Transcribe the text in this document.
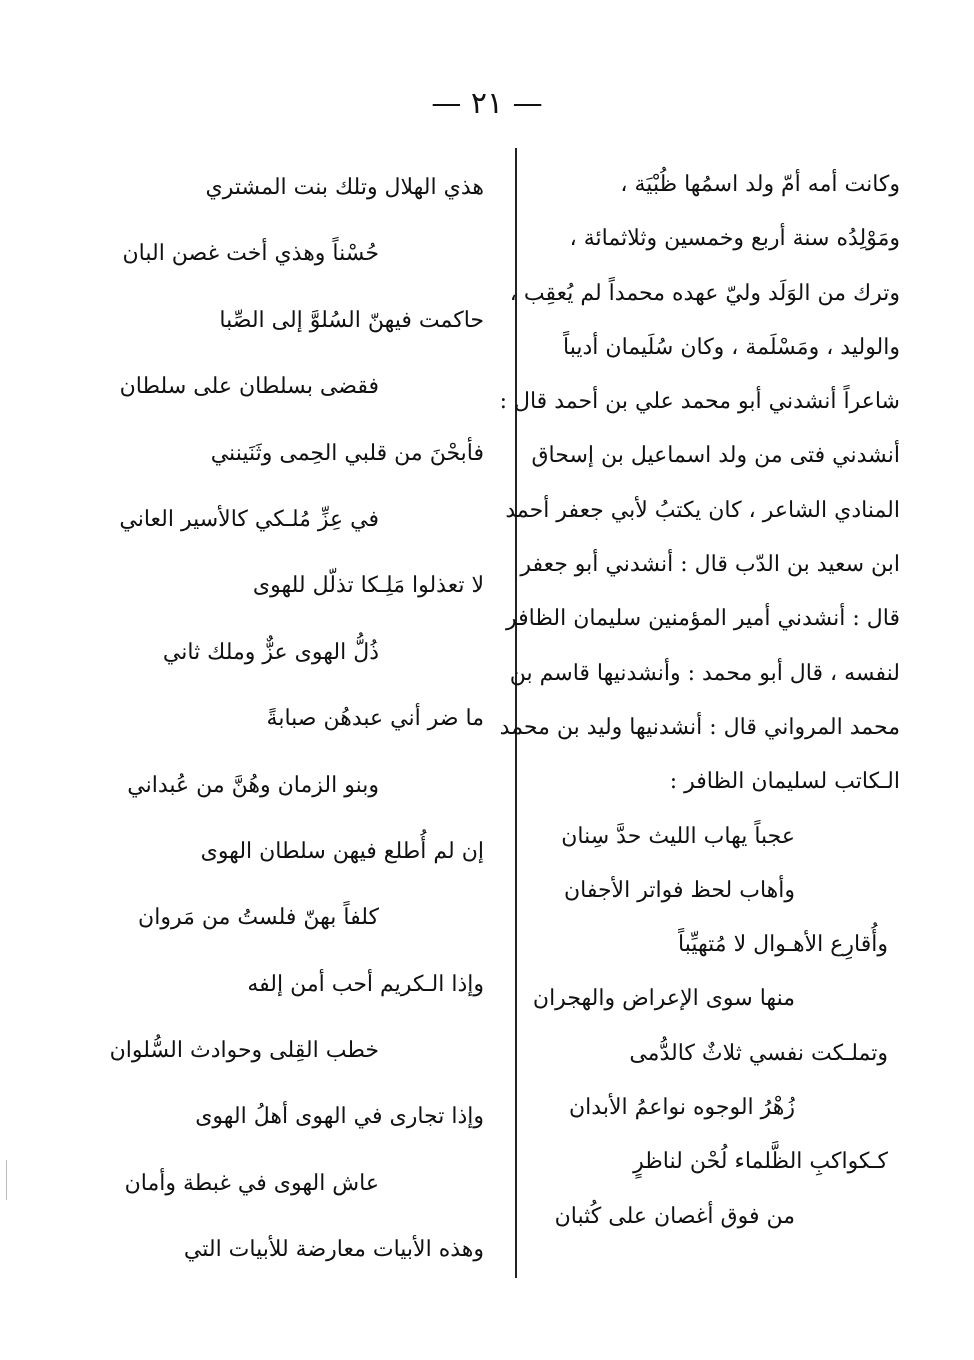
— ٢١ —
وكانت أمه أمّ ولد اسمُها ظُبْيَة ،
ومَوْلِدُه سنة أربع وخمسين وثلاثمائة ،
وترك من الوَلَد وليّ عهده محمداً لم يُعقِب ،
والوليد ، ومَسْلَمة ، وكان سُلَيمان أديباً
شاعراً أنشدني أبو محمد علي بن أحمد قال :
أنشدني فتى من ولد اسماعيل بن إسحاق
المنادي الشاعر ، كان يكتبُ لأبي جعفر أحمد
ابن سعيد بن الدّب قال : أنشدني أبو جعفر
قال : أنشدني أمير المؤمنين سليمان الظافر
لنفسه ، قال أبو محمد : وأنشدنيها قاسم بن
محمد المرواني قال : أنشدنيها وليد بن محمد
الـكاتب لسليمان الظافر :
عجباً يهاب الليث حدَّ سِنان
وأهاب لحظ فواتر الأجفان
وأُقارِع الأهـوال لا مُتهيِّباً
منها سوى الإعراض والهجران
وتملـكت نفسي ثلاثٌ كالدُّمى
زُهْرُ الوجوه نواعمُ الأبدان
كـكواكبِ الظَّلماء لُحْن لناظرٍ
من فوق أغصان على كُثبان
هذي الهلال وتلك بنت المشتري
حُسْناً وهذي أخت غصن البان
حاكمت فيهنّ السُلوَّ إلى الصِّبا
فقضى بسلطان على سلطان
فأبحْنَ من قلبي الحِمى وثَنَينني
في عِزِّ مُلـكي كالأسير العاني
لا تعذلوا مَلِـكا تذلّل للهوى
ذُلُّ الهوى عزٌّ وملك ثاني
ما ضر أني عبدهُن صبابةً
وبنو الزمان وهُنَّ من عُبداني
إن لم أُطلع فيهن سلطان الهوى
كلفاً بهنّ فلستُ من مَروان
وإذا الـكريم أحب أمن إلفه
خطب القِلى وحوادث السُّلوان
وإذا تجارى في الهوى أهلُ الهوى
عاش الهوى في غبطة وأمان
وهذه الأبيات معارضة للأبيات التي
